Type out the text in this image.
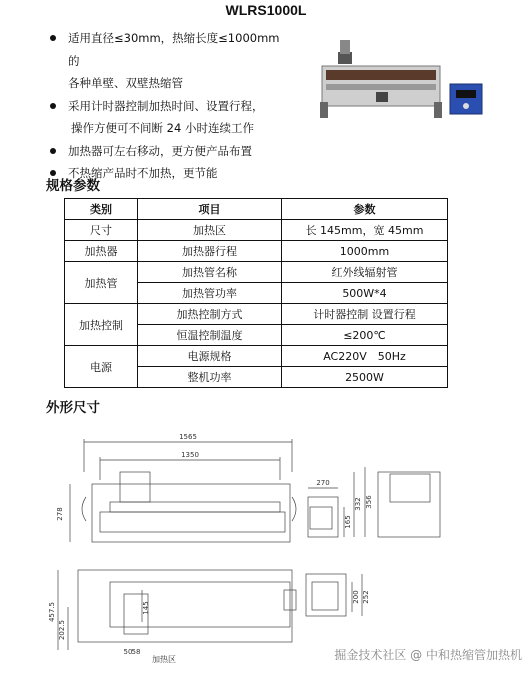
WLRS1000L
适用直径≤30mm，热缩长度≤1000mm 的
各种单壁、双壁热缩管
采用计时器控制加热时间、设置行程，
操作方便可不间断 24 小时连续工作
加热器可左右移动，更方便产品布置
不热缩产品时不加热，更节能
规格参数
类别	项目	参数
尺寸	加热区	长 145mm，宽 45mm
加热器	加热器行程	1000mm
加热管	加热管名称	红外线辐射管
	加热管功率	500W*4
加热控制	加热控制方式	计时器控制 设置行程
	恒温控制温度	≤200℃
电源	电源规格	AC220V　50Hz
	整机功率	2500W
外形尺寸
1565
1350
278
270
165
332 356
457.5
202.5
145
50 58
200 252
加热区	掘金技术社区 @ 中和热缩管加热机
